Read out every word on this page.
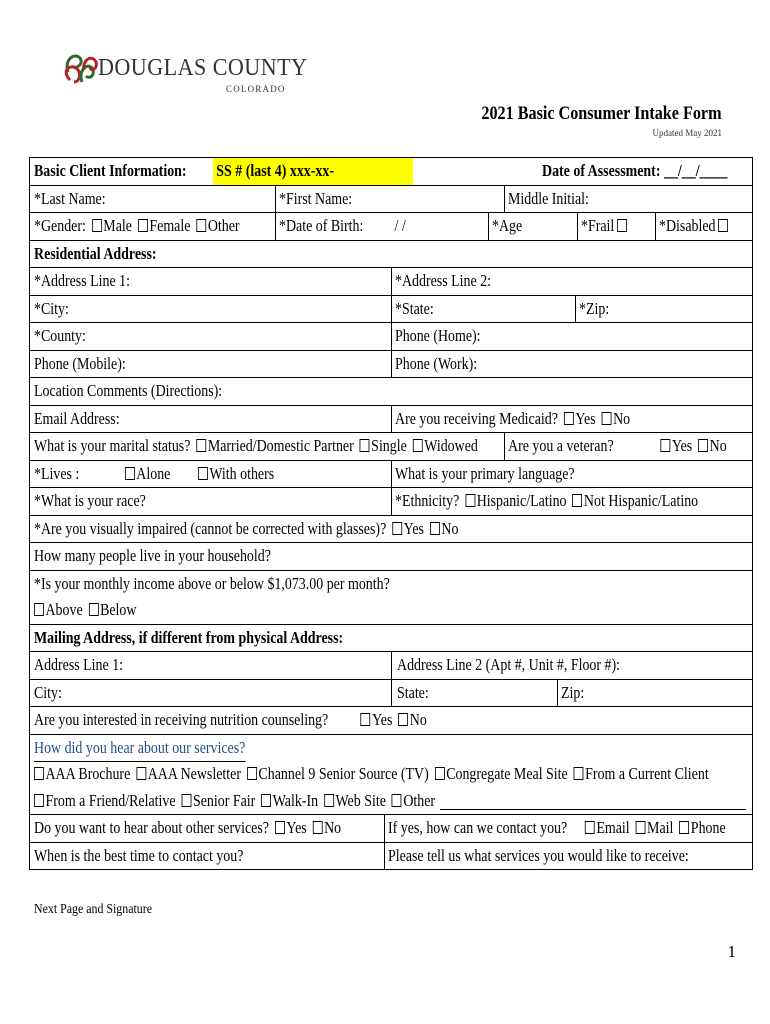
DOUGLAS COUNTY
COLORADO
2021 Basic Consumer Intake Form
Updated May 2021
Basic Client Information:	SS # (last 4) xxx-xx-	Date of Assessment: __/__/____
*Last Name:	*First Name:	Middle Initial:
*Gender: Male Female Other	*Date of Birth: / /	*Age	*Frail	*Disabled
Residential Address:
*Address Line 1:	*Address Line 2:
*City:	*State:	*Zip:
*County:	Phone (Home):
Phone (Mobile):	Phone (Work):
Location Comments (Directions):
Email Address:	Are you receiving Medicaid? Yes No
What is your marital status? Married/Domestic Partner Single Widowed	Are you a veteran?	Yes No
*Lives :	Alone With others	What is your primary language?
*What is your race?	*Ethnicity? Hispanic/Latino Not Hispanic/Latino
*Are you visually impaired (cannot be corrected with glasses)? Yes No
How many people live in your household?
*Is your monthly income above or below $1,073.00 per month?
Above Below
Mailing Address, if different from physical Address:
Address Line 1:	Address Line 2 (Apt #, Unit #, Floor #):
City:	State:	Zip:
Are you interested in receiving nutrition counseling?	Yes No
How did you hear about our services?
AAA Brochure AAA Newsletter Channel 9 Senior Source (TV) Congregate Meal Site From a Current Client
From a Friend/Relative Senior Fair Walk-In Web Site Other
Do you want to hear about other services? Yes No	If yes, how can we contact you? Email Mail Phone
When is the best time to contact you?	Please tell us what services you would like to receive:
Next Page and Signature
1
